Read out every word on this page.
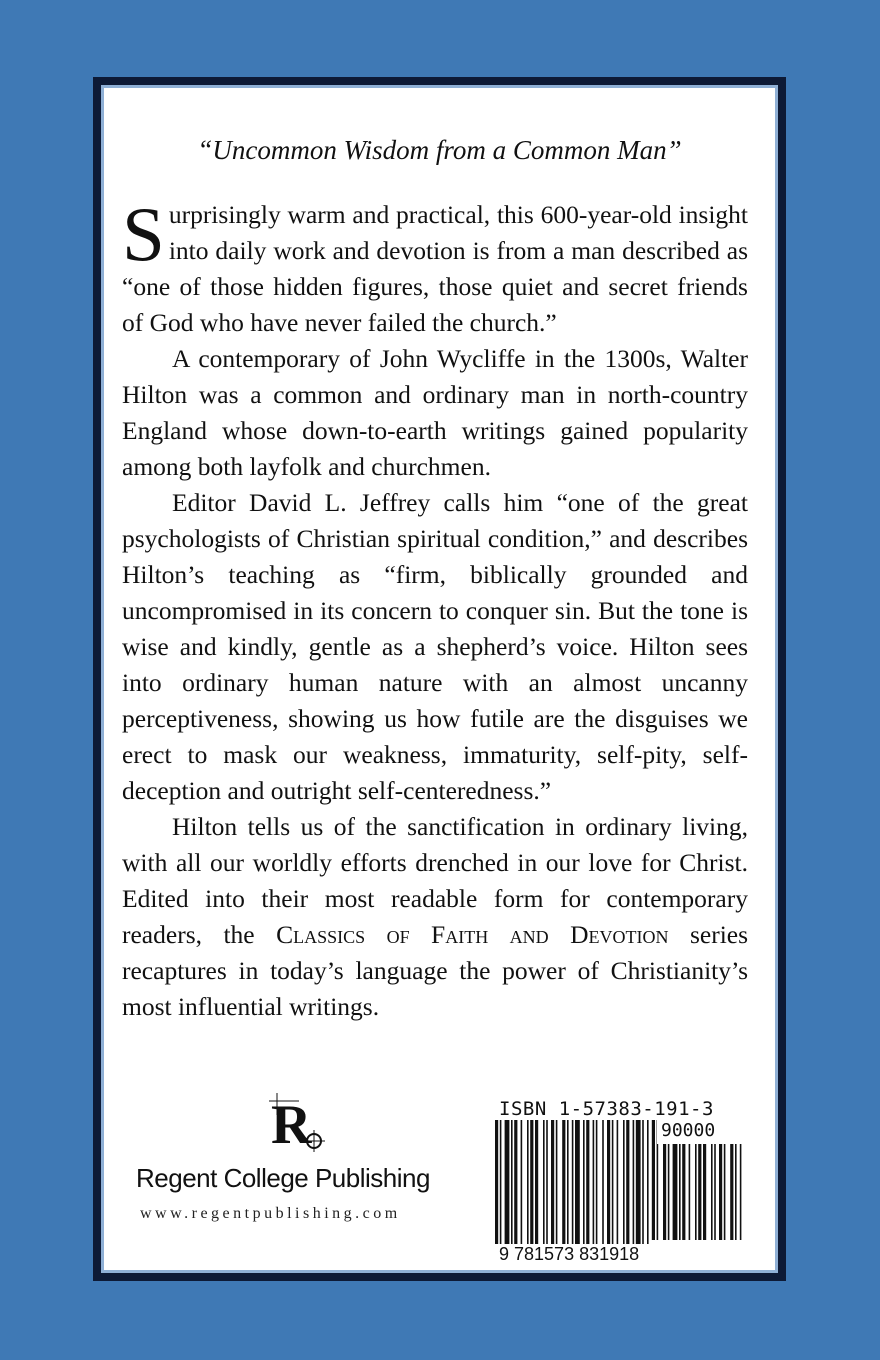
“Uncommon Wisdom from a Common Man”

Surprisingly warm and practical, this 600-year-old insight into daily work and devotion is from a man described as “one of those hidden figures, those quiet and secret friends of God who have never failed the church.”

A contemporary of John Wycliffe in the 1300s, Walter Hilton was a common and ordinary man in north-country England whose down-to-earth writings gained popularity among both layfolk and churchmen.

Editor David L. Jeffrey calls him “one of the great psychologists of Christian spiritual condition,” and describes Hilton’s teaching as “firm, biblically grounded and uncompromised in its concern to conquer sin. But the tone is wise and kindly, gentle as a shepherd’s voice. Hilton sees into ordinary human nature with an almost uncanny perceptiveness, showing us how futile are the disguises we erect to mask our weakness, immaturity, self-pity, self-deception and outright self-centeredness.”

Hilton tells us of the sanctification in ordinary living, with all our worldly efforts drenched in our love for Christ. Edited into their most readable form for contemporary readers, the Classics of Faith and Devotion series recaptures in today’s language the power of Christianity’s most influential writings.

R
Regent College Publishing
www.regentpublishing.com
ISBN 1-57383-191-3
90000
9 781573 831918
